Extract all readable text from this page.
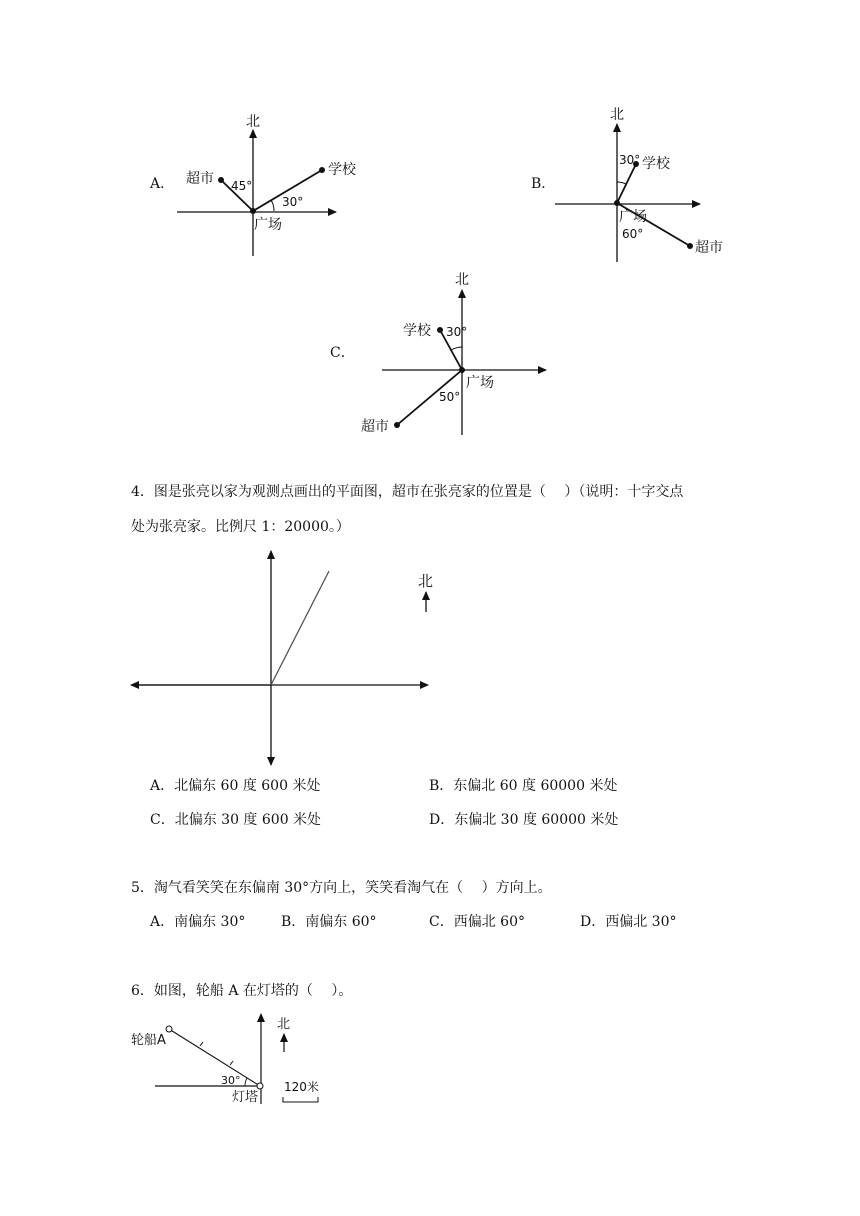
A．
北
学校
超市
广场
45°
30°
B．
北
学校
超市
广场
30°
60°
C．
北
学校
超市
广场
30°
50°
4．图是张亮以家为观测点画出的平面图，超市在张亮家的位置是（　 ）（说明：十字交点
处为张亮家。比例尺 1：20000。）
北
A．北偏东 60 度 600 米处	B．东偏北 60 度 60000 米处
C．北偏东 30 度 600 米处	D．东偏北 30 度 60000 米处
5．淘气看笑笑在东偏南 30°方向上，笑笑看淘气在（　 ）方向上。
A．南偏东 30°	B．南偏东 60°	C．西偏北 60°	D．西偏北 30°
6．如图，轮船 A 在灯塔的（　 ）。
北
轮船A
30°
灯塔
120米
